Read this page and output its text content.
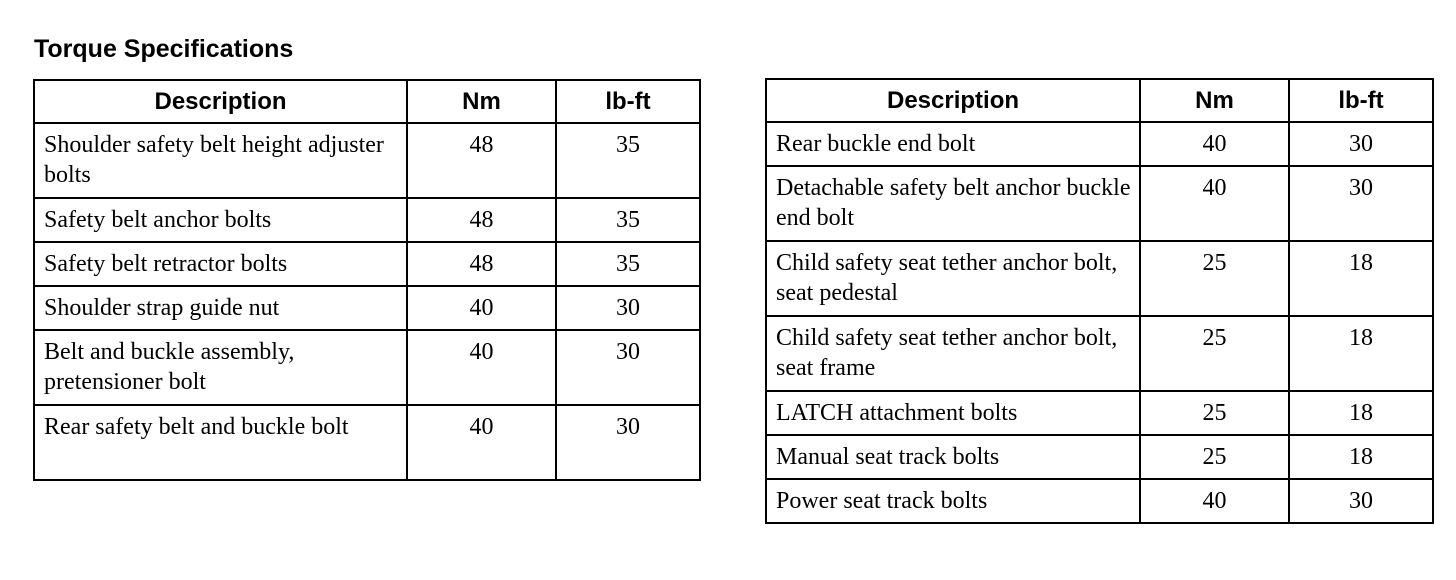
Torque Specifications
Description	Nm	lb-ft
Shoulder safety belt height adjuster bolts	48	35
Safety belt anchor bolts	48	35
Safety belt retractor bolts	48	35
Shoulder strap guide nut	40	30
Belt and buckle assembly, pretensioner bolt	40	30
Rear safety belt and buckle bolt	40	30
Description	Nm	lb-ft
Rear buckle end bolt	40	30
Detachable safety belt anchor buckle end bolt	40	30
Child safety seat tether anchor bolt, seat pedestal	25	18
Child safety seat tether anchor bolt, seat frame	25	18
LATCH attachment bolts	25	18
Manual seat track bolts	25	18
Power seat track bolts	40	30
